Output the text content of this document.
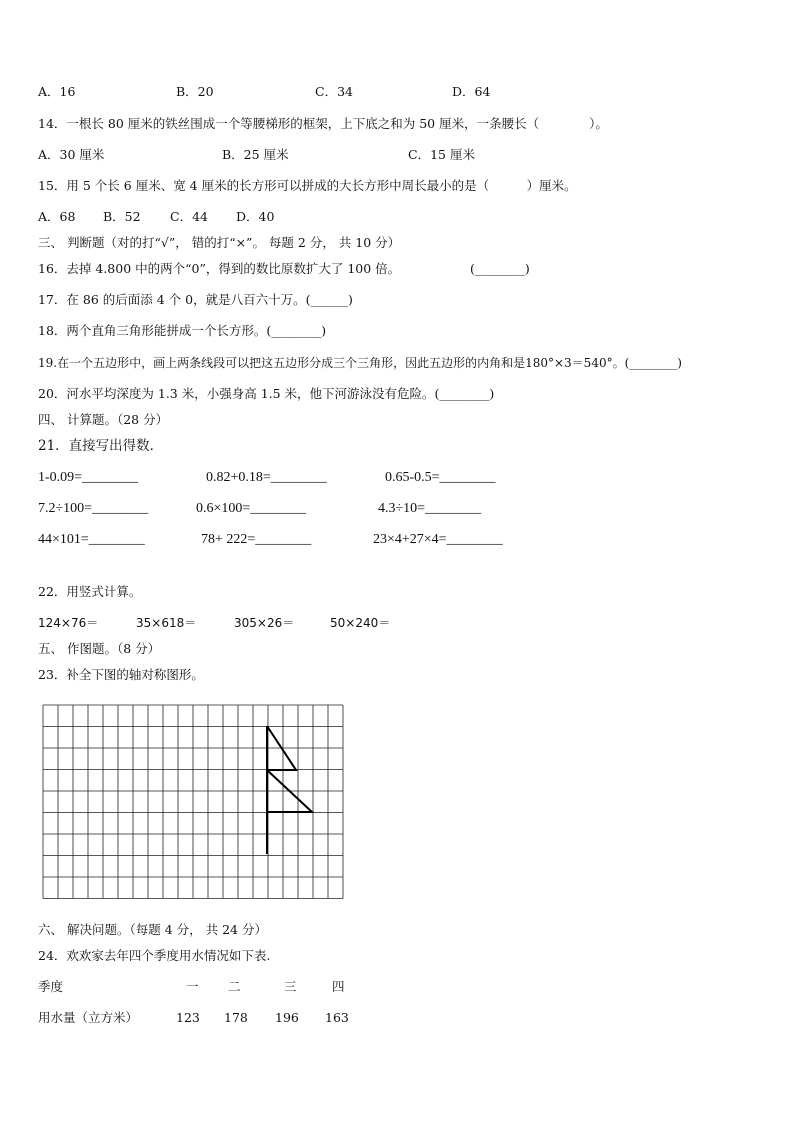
A．16	B．20	C．34	D．64
14．一根长 80 厘米的铁丝围成一个等腰梯形的框架，上下底之和为 50 厘米，一条腰长（　　　　）。
A．30 厘米	B．25 厘米	C．15 厘米
15．用 5 个长 6 厘米、宽 4 厘米的长方形可以拼成的大长方形中周长最小的是（　　　）厘米。
A．68 B．52 C．44 D．40
三、 判断题（对的打“√”， 错的打“×”。 每题 2 分， 共 10 分）
16．去掉 4.800 中的两个“0”，得到的数比原数扩大了 100 倍。	(________)
17．在 86 的后面添 4 个 0，就是八百六十万。(______)
18．两个直角三角形能拼成一个长方形。(________)
19.在一个五边形中，画上两条线段可以把这五边形分成三个三角形，因此五边形的内角和是180°×3＝540°。(________)
20．河水平均深度为 1.3 米，小强身高 1.5 米，他下河游泳没有危险。(________)
四、 计算题。（28 分）
21．直接写出得数．
1-0.09=________	0.82+0.18=________	0.65-0.5=________
7.2÷100=________	0.6×100=________	4.3÷10=________
44×101=________	78+ 222=________	23×4+27×4=________
22．用竖式计算。
124×76＝	35×618＝	305×26＝	50×240＝
五、 作图题。（8 分）
23．补全下图的轴对称图形。
六、 解决问题。（每题 4 分， 共 24 分）
24．欢欢家去年四个季度用水情况如下表.
季度	一 二	三	四
用水量（立方米）	123 178 196 163
